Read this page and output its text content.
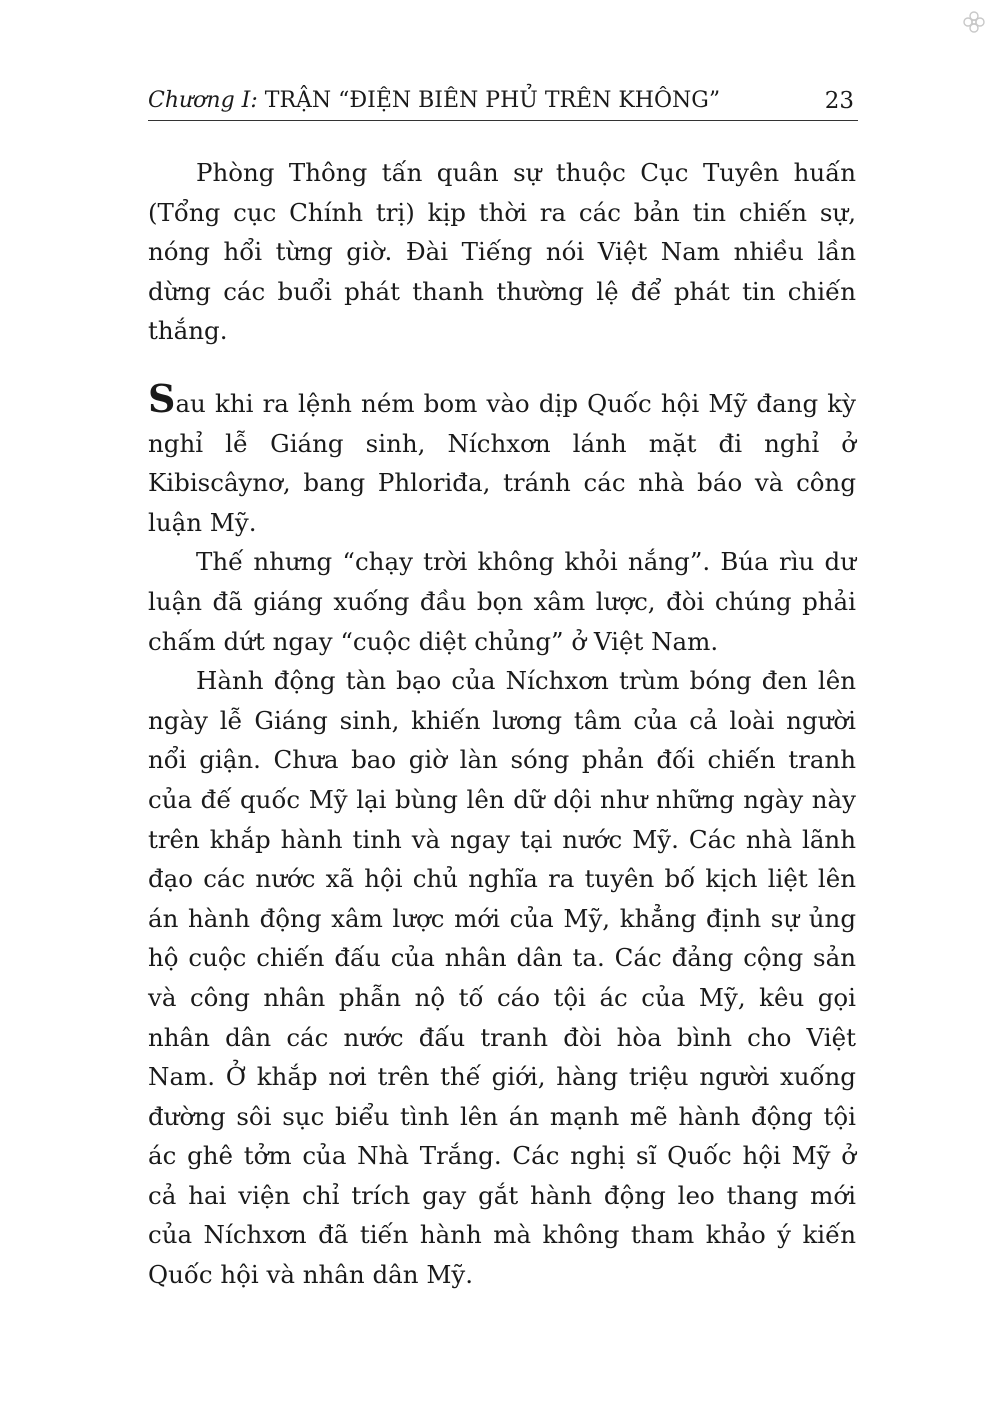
Chương I: TRẬN “ĐIỆN BIÊN PHỦ TRÊN KHÔNG”	23

Phòng Thông tấn quân sự thuộc Cục Tuyên huấn (Tổng cục Chính trị) kịp thời ra các bản tin chiến sự, nóng hổi từng giờ. Đài Tiếng nói Việt Nam nhiều lần dừng các buổi phát thanh thường lệ để phát tin chiến thắng.

Sau khi ra lệnh ném bom vào dịp Quốc hội Mỹ đang kỳ nghỉ lễ Giáng sinh, Níchxơn lánh mặt đi nghỉ ở Kibiscâynơ, bang Phloriđa, tránh các nhà báo và công luận Mỹ.

Thế nhưng “chạy trời không khỏi nắng”. Búa rìu dư luận đã giáng xuống đầu bọn xâm lược, đòi chúng phải chấm dứt ngay “cuộc diệt chủng” ở Việt Nam.

Hành động tàn bạo của Níchxơn trùm bóng đen lên ngày lễ Giáng sinh, khiến lương tâm của cả loài người nổi giận. Chưa bao giờ làn sóng phản đối chiến tranh của đế quốc Mỹ lại bùng lên dữ dội như những ngày này trên khắp hành tinh và ngay tại nước Mỹ. Các nhà lãnh đạo các nước xã hội chủ nghĩa ra tuyên bố kịch liệt lên án hành động xâm lược mới của Mỹ, khẳng định sự ủng hộ cuộc chiến đấu của nhân dân ta. Các đảng cộng sản và công nhân phẫn nộ tố cáo tội ác của Mỹ, kêu gọi nhân dân các nước đấu tranh đòi hòa bình cho Việt Nam. Ở khắp nơi trên thế giới, hàng triệu người xuống đường sôi sục biểu tình lên án mạnh mẽ hành động tội ác ghê tởm của Nhà Trắng. Các nghị sĩ Quốc hội Mỹ ở cả hai viện chỉ trích gay gắt hành động leo thang mới của Níchxơn đã tiến hành mà không tham khảo ý kiến Quốc hội và nhân dân Mỹ.
